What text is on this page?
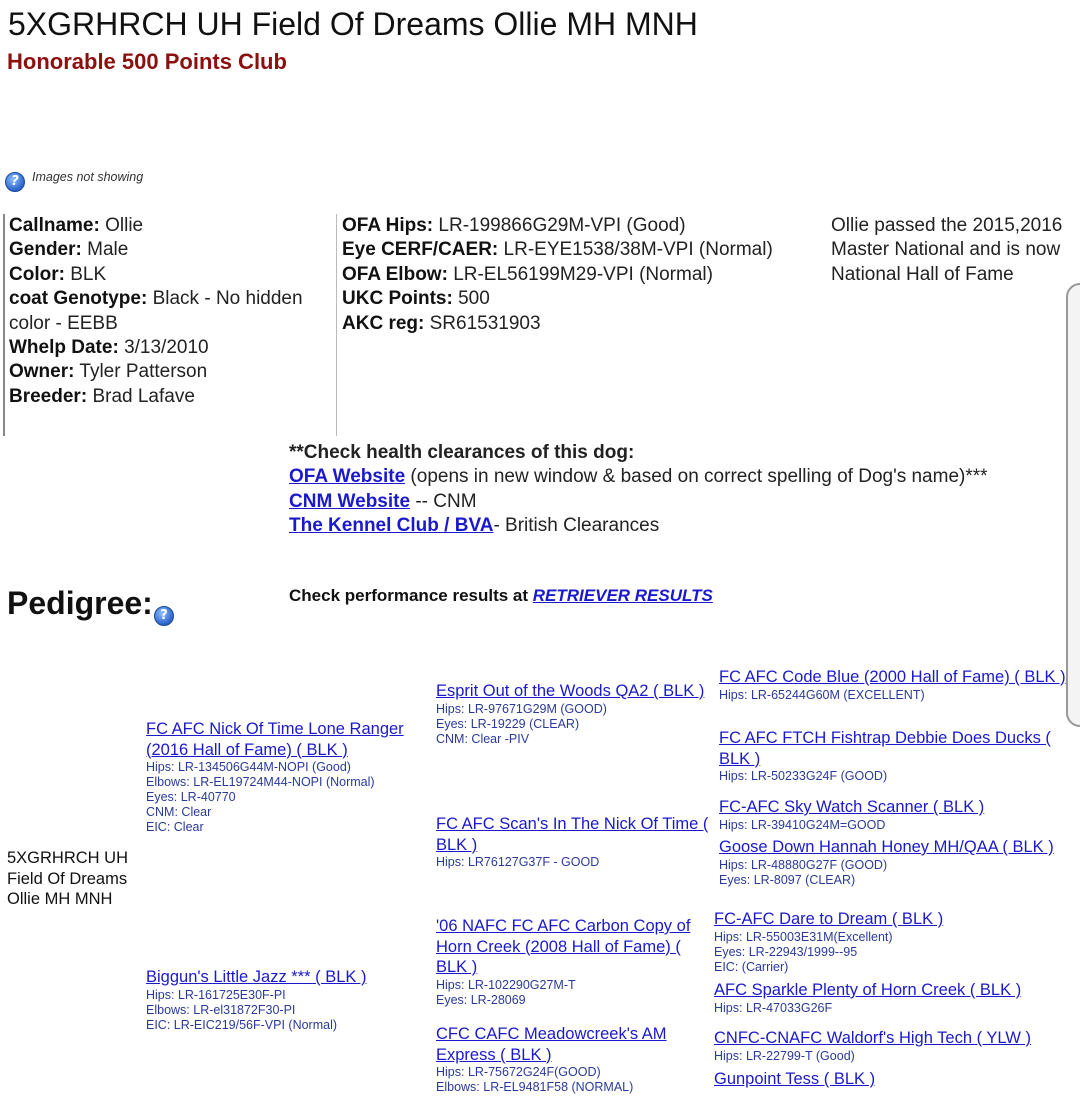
5XGRHRCH UH Field Of Dreams Ollie MH MNH
Honorable 500 Points Club
?	Images not showing
Callname: Ollie
Gender: Male
Color: BLK
coat Genotype: Black - No hidden color - EEBB
Whelp Date: 3/13/2010
Owner: Tyler Patterson
Breeder: Brad Lafave
OFA Hips: LR-199866G29M-VPI (Good)
Eye CERF/CAER: LR-EYE1538/38M-VPI (Normal)
OFA Elbow: LR-EL56199M29-VPI (Normal)
UKC Points: 500
AKC reg: SR61531903
Ollie passed the 2015,2016 Master National and is now National Hall of Fame
**Check health clearances of this dog:
OFA Website (opens in new window & based on correct spelling of Dog's name)***
CNM Website -- CNM
The Kennel Club / BVA- British Clearances
Pedigree: ?
Check performance results at RETRIEVER RESULTS
5XGRHRCH UH Field Of Dreams Ollie MH MNH
FC AFC Nick Of Time Lone Ranger (2016 Hall of Fame) ( BLK )
Hips: LR-134506G44M-NOPI (Good)
Elbows: LR-EL19724M44-NOPI (Normal)
Eyes: LR-40770
CNM: Clear
EIC: Clear
Biggun's Little Jazz *** ( BLK )
Hips: LR-161725E30F-PI
Elbows: LR-el31872F30-PI
EIC: LR-EIC219/56F-VPI (Normal)
Esprit Out of the Woods QA2 ( BLK )
Hips: LR-97671G29M (GOOD)
Eyes: LR-19229 (CLEAR)
CNM: Clear -PIV
FC AFC Scan's In The Nick Of Time ( BLK )
Hips: LR76127G37F - GOOD
'06 NAFC FC AFC Carbon Copy of Horn Creek (2008 Hall of Fame) ( BLK )
Hips: LR-102290G27M-T
Eyes: LR-28069
CFC CAFC Meadowcreek's AM Express ( BLK )
Hips: LR-75672G24F(GOOD)
Elbows: LR-EL9481F58 (NORMAL)
FC AFC Code Blue (2000 Hall of Fame) ( BLK )
Hips: LR-65244G60M (EXCELLENT)
FC AFC FTCH Fishtrap Debbie Does Ducks ( BLK )
Hips: LR-50233G24F (GOOD)
FC-AFC Sky Watch Scanner ( BLK )
Hips: LR-39410G24M=GOOD
Goose Down Hannah Honey MH/QAA ( BLK )
Hips: LR-48880G27F (GOOD)
Eyes: LR-8097 (CLEAR)
FC-AFC Dare to Dream ( BLK )
Hips: LR-55003E31M(Excellent)
Eyes: LR-22943/1999--95
EIC: (Carrier)
AFC Sparkle Plenty of Horn Creek ( BLK )
Hips: LR-47033G26F
CNFC-CNAFC Waldorf's High Tech ( YLW )
Hips: LR-22799-T (Good)
Gunpoint Tess ( BLK )
